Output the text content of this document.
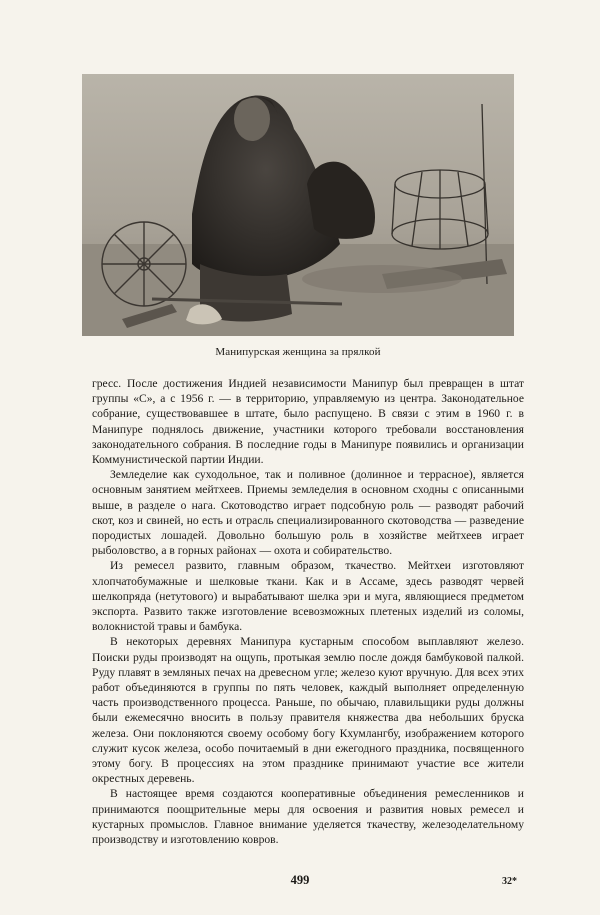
Манипурская женщина за прялкой

гресс. После достижения Индией независимости Манипур был превращен в штат группы «С», а с 1956 г. — в территорию, управляемую из центра. Законодательное собрание, существовавшее в штате, было распущено. В связи с этим в 1960 г. в Манипуре поднялось движение, участники которого требовали восстановления законодательного собрания. В последние годы в Манипуре появились и организации Коммунистической партии Индии.

Земледелие как суходольное, так и поливное (долинное и террасное), является основным занятием мейтхеев. Приемы земледелия в основном сходны с описанными выше, в разделе о нага. Скотоводство играет подсобную роль — разводят рабочий скот, коз и свиней, но есть и отрасль специализированного скотоводства — разведение породистых лошадей. Довольно большую роль в хозяйстве мейтхеев играет рыболовство, а в горных районах — охота и собирательство.

Из ремесел развито, главным образом, ткачество. Мейтхеи изготовляют хлопчатобумажные и шелковые ткани. Как и в Ассаме, здесь разводят червей шелкопряда (нетутового) и вырабатывают шелка эри и муга, являющиеся предметом экспорта. Развито также изготовление всевозможных плетеных изделий из соломы, волокнистой травы и бамбука.

В некоторых деревнях Манипура кустарным способом выплавляют железо. Поиски руды производят на ощупь, протыкая землю после дождя бамбуковой палкой. Руду плавят в земляных печах на древесном угле; железо куют вручную. Для всех этих работ объединяются в группы по пять человек, каждый выполняет определенную часть производственного процесса. Раньше, по обычаю, плавильщики руды должны были ежемесячно вносить в пользу правителя княжества два небольших бруска железа. Они поклоняются своему особому богу Кхумлангбу, изображением которого служит кусок железа, особо почитаемый в дни ежегодного праздника, посвященного этому богу. В процессиях на этом празднике принимают участие все жители окрестных деревень.

В настоящее время создаются кооперативные объединения ремесленников и принимаются поощрительные меры для освоения и развития новых ремесел и кустарных промыслов. Главное внимание уделяется ткачеству, железоделательному производству и изготовлению ковров.

499	32*
